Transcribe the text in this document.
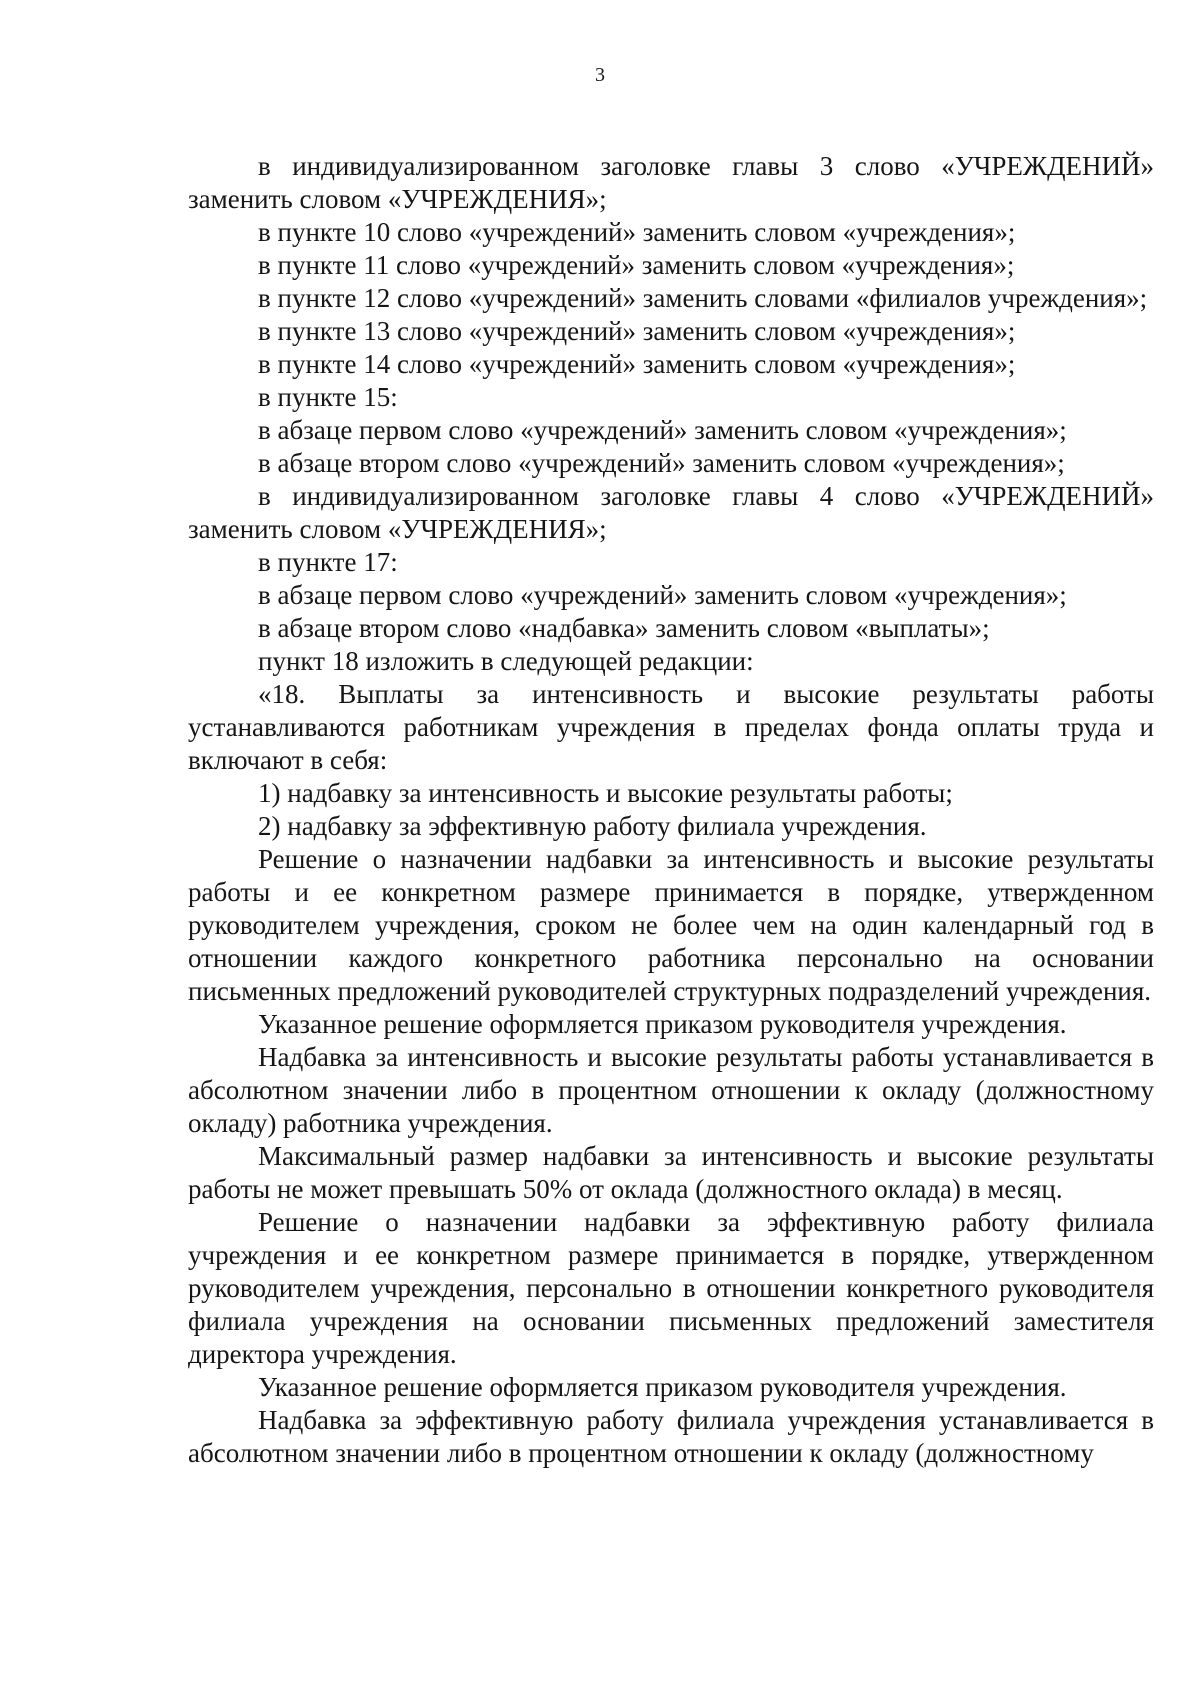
3

в индивидуализированном заголовке главы 3 слово «УЧРЕЖДЕНИЙ» заменить словом «УЧРЕЖДЕНИЯ»;

в пункте 10 слово «учреждений» заменить словом «учреждения»;

в пункте 11 слово «учреждений» заменить словом «учреждения»;

в пункте 12 слово «учреждений» заменить словами «филиалов учреждения»;

в пункте 13 слово «учреждений» заменить словом «учреждения»;

в пункте 14 слово «учреждений» заменить словом «учреждения»;

в пункте 15:

в абзаце первом слово «учреждений» заменить словом «учреждения»;

в абзаце втором слово «учреждений» заменить словом «учреждения»;

в индивидуализированном заголовке главы 4 слово «УЧРЕЖДЕНИЙ» заменить словом «УЧРЕЖДЕНИЯ»;

в пункте 17:

в абзаце первом слово «учреждений» заменить словом «учреждения»;

в абзаце втором слово «надбавка» заменить словом «выплаты»;

пункт 18 изложить в следующей редакции:

«18. Выплаты за интенсивность и высокие результаты работы устанавливаются работникам учреждения в пределах фонда оплаты труда и включают в себя:

1) надбавку за интенсивность и высокие результаты работы;

2) надбавку за эффективную работу филиала учреждения.

Решение о назначении надбавки за интенсивность и высокие результаты работы и ее конкретном размере принимается в порядке, утвержденном руководителем учреждения, сроком не более чем на один календарный год в отношении каждого конкретного работника персонально на основании письменных предложений руководителей структурных подразделений учреждения.

Указанное решение оформляется приказом руководителя учреждения.

Надбавка за интенсивность и высокие результаты работы устанавливается в абсолютном значении либо в процентном отношении к окладу (должностному окладу) работника учреждения.

Максимальный размер надбавки за интенсивность и высокие результаты работы не может превышать 50% от оклада (должностного оклада) в месяц.

Решение о назначении надбавки за эффективную работу филиала учреждения и ее конкретном размере принимается в порядке, утвержденном руководителем учреждения, персонально в отношении конкретного руководителя филиала учреждения на основании письменных предложений заместителя директора учреждения.

Указанное решение оформляется приказом руководителя учреждения.

Надбавка за эффективную работу филиала учреждения устанавливается в абсолютном значении либо в процентном отношении к окладу (должностному
